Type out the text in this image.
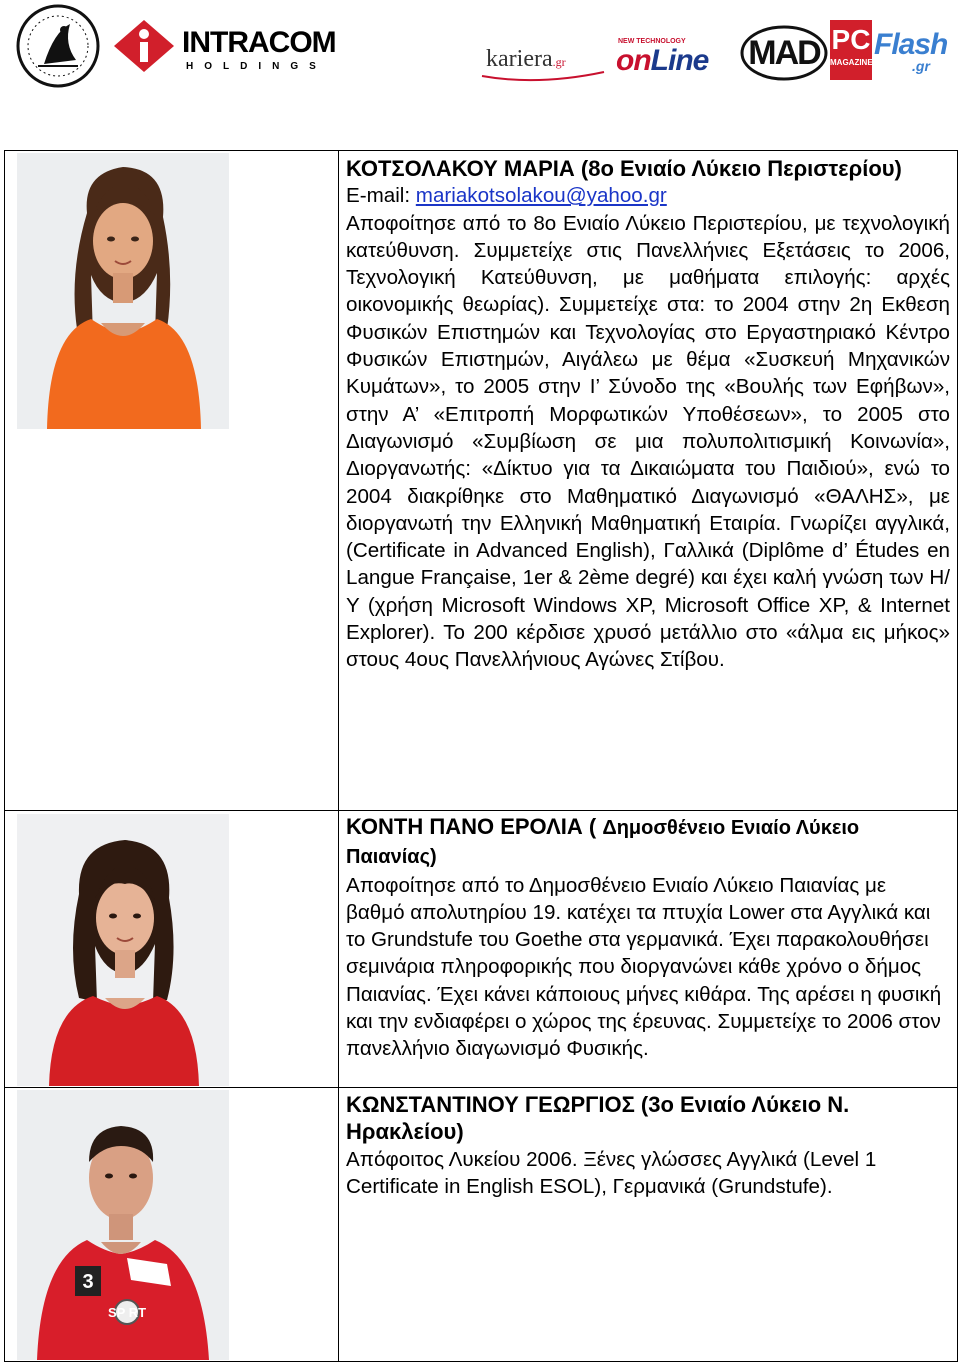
INTRACOM
HOLDINGS	kariera.gr
NEW TECHNOLOGY
onLine MAD PC
MAGAZINE
Flash
.gr
3
SP RT

ΚΟΤΣΟΛΑΚΟΥ ΜΑΡΙΑ (8ο Ενιαίο Λύκειο Περιστερίου)

E-mail: mariakotsolakou@yahoo.gr

Αποφοίτησε από το 8ο Ενιαίο Λύκειο Περιστερίου, με τεχνολογική κατεύθυνση. Συμμετείχε στις Πανελλήνιες Εξετάσεις το 2006, Τεχνολογική Κατεύθυνση, με μαθήματα επιλογής: αρχές οικονομικής θεωρίας). Συμμετείχε στα: το 2004 στην 2η Εκθεση Φυσικών Επιστημών και Τεχνολογίας στο Εργαστηριακό Κέντρο Φυσικών Επιστημών, Αιγάλεω με θέμα «Συσκευή Μηχανικών Κυμάτων», το 2005 στην Ι’ Σύνοδο της «Βουλής των Εφήβων», στην Α’ «Επιτροπή Μορφωτικών Υποθέσεων», το 2005 στο Διαγωνισμό «Συμβίωση σε μια πολυπολιτισμική Κοινωνία», Διοργανωτής: «Δίκτυο για τα Δικαιώματα του Παιδιού», ενώ το 2004 διακρίθηκε στο Μαθηματικό Διαγωνισμό «ΘΑΛΗΣ», με διοργανωτή την Ελληνική Μαθηματική Εταιρία. Γνωρίζει αγγλικά, (Certificate in Advanced English), Γαλλικά (Diplôme d’ Études en Langue Française, 1er & 2ème degré) και έχει καλή γνώση των Η/Υ (χρήση Microsoft Windows XP, Microsoft Office XP, & Internet Explorer). Το 200 κέρδισε χρυσό μετάλλιο στο «άλμα εις μήκος» στους 4ους Πανελλήνιους Αγώνες Στίβου.

ΚΟΝΤΗ ΠΑΝΟ ΕΡΟΛΙΑ ( Δημοσθένειο Ενιαίο Λύκειο Παιανίας)

Αποφοίτησε από το Δημοσθένειο Ενιαίο Λύκειο Παιανίας με βαθμό απολυτηρίου 19. κατέχει τα πτυχία Lower στα Αγγλικά και το Grundstufe του Goethe στα γερμανικά. Έχει παρακολουθήσει σεμινάρια πληροφορικής που διοργανώνει κάθε χρόνο ο δήμος Παιανίας. Έχει κάνει κάποιους μήνες κιθάρα. Της αρέσει η φυσική και την ενδιαφέρει ο χώρος της έρευνας. Συμμετείχε το 2006 στον πανελλήνιο διαγωνισμό Φυσικής.

ΚΩΝΣΤΑΝΤΙΝΟΥ ΓΕΩΡΓΙΟΣ (3ο Ενιαίο Λύκειο Ν. Ηρακλείου)

Απόφοιτος Λυκείου 2006. Ξένες γλώσσες Αγγλικά (Level 1 Certificate in English ESOL), Γερμανικά (Grundstufe).
